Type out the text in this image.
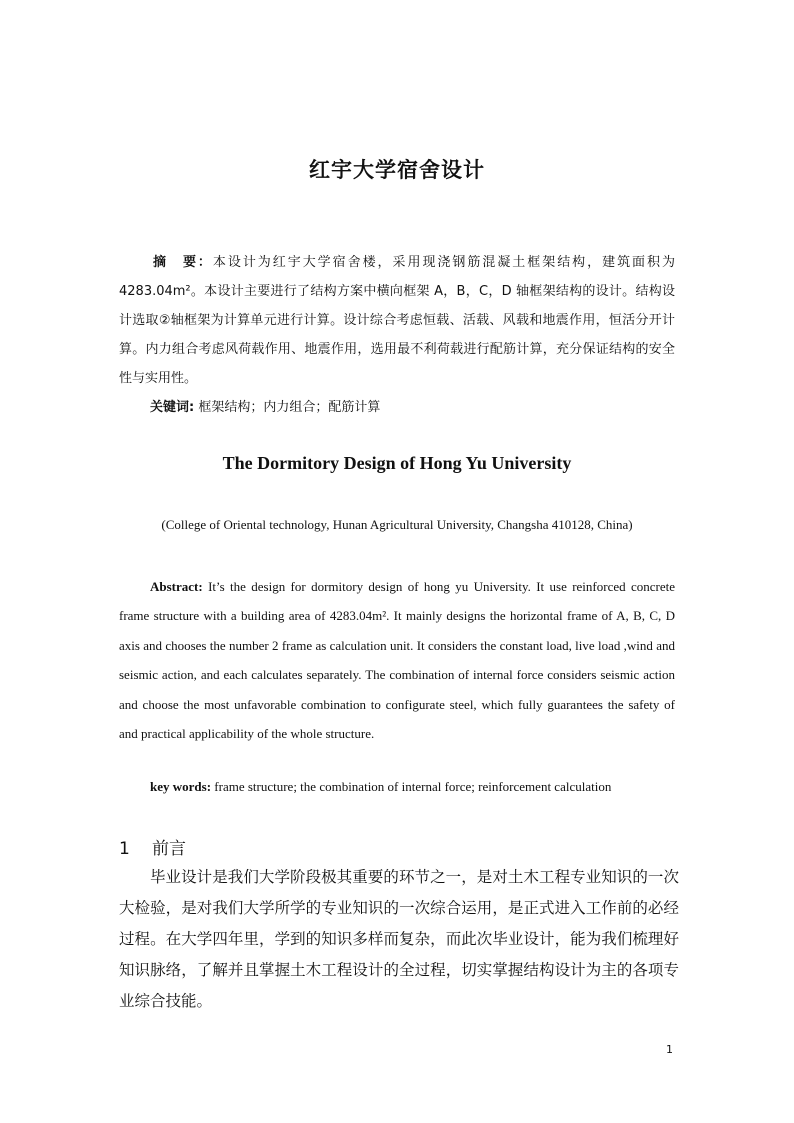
红宇大学宿舍设计
摘　要：本设计为红宇大学宿舍楼，采用现浇钢筋混凝土框架结构，建筑面积为4283.04m²。本设计主要进行了结构方案中横向框架 A，B，C，D 轴框架结构的设计。结构设计选取②轴框架为计算单元进行计算。设计综合考虑恒载、活载、风载和地震作用，恒活分开计算。内力组合考虑风荷载作用、地震作用，选用最不利荷载进行配筋计算，充分保证结构的安全性与实用性。
关键词: 框架结构；内力组合；配筋计算
The Dormitory Design of Hong Yu University
(College of Oriental technology, Hunan Agricultural University, Changsha 410128, China)
Abstract: It’s the design for dormitory design of hong yu University. It use reinforced concrete frame structure with a building area of 4283.04m². It mainly designs the horizontal frame of A, B, C, D axis and chooses the number 2 frame as calculation unit. It considers the constant load, live load ,wind and seismic action, and each calculates separately. The combination of internal force considers seismic action and choose the most unfavorable combination to configurate steel, which fully guarantees the safety of and practical applicability of the whole structure.
key words: frame structure; the combination of internal force; reinforcement calculation
1 前言
毕业设计是我们大学阶段极其重要的环节之一，是对土木工程专业知识的一次大检验，是对我们大学所学的专业知识的一次综合运用，是正式进入工作前的必经过程。在大学四年里，学到的知识多样而复杂，而此次毕业设计，能为我们梳理好知识脉络，了解并且掌握土木工程设计的全过程，切实掌握结构设计为主的各项专业综合技能。
1
